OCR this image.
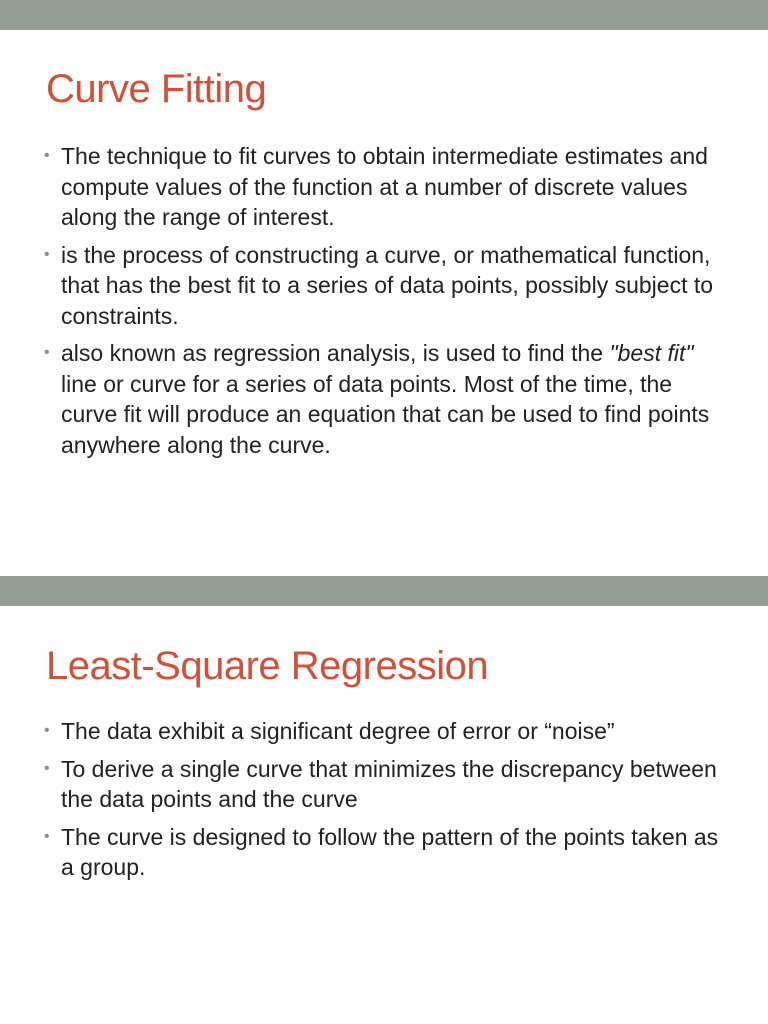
Curve Fitting
• The technique to fit curves to obtain intermediate estimates and compute values of the function at a number of discrete values along the range of interest.
• is the process of constructing a curve, or mathematical function, that has the best fit to a series of data points, possibly subject to constraints.
• also known as regression analysis, is used to find the "best fit" line or curve for a series of data points. Most of the time, the curve fit will produce an equation that can be used to find points anywhere along the curve.
Least-Square Regression
• The data exhibit a significant degree of error or “noise”
• To derive a single curve that minimizes the discrepancy between the data points and the curve
• The curve is designed to follow the pattern of the points taken as a group.
